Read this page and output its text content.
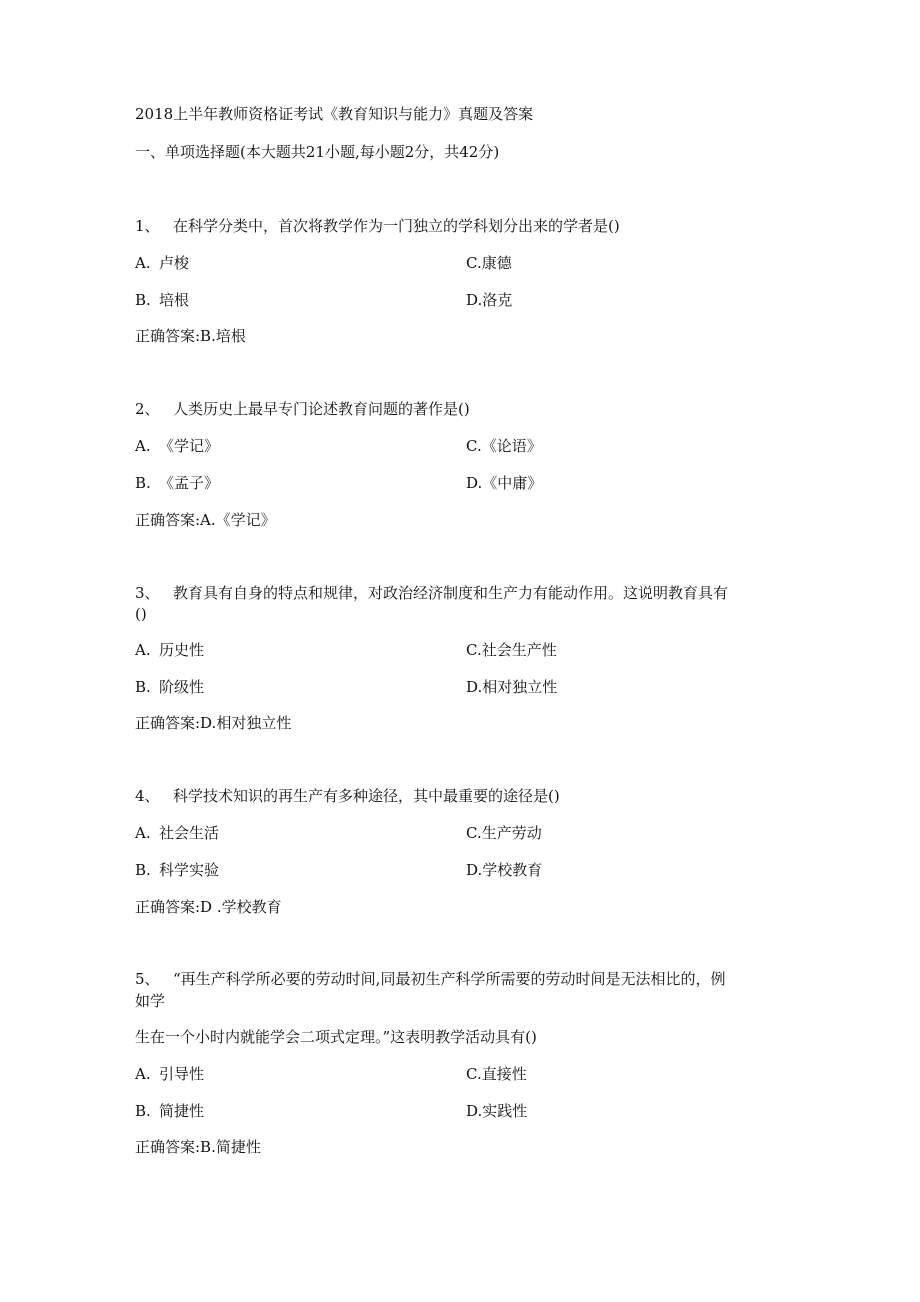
2018上半年教师资格证考试《教育知识与能力》真题及答案
一、单项选择题(本大题共21小题,每小题2分，共42分)
1、 在科学分类中，首次将教学作为一门独立的学科划分出来的学者是()
A. 卢梭	C.康德
B. 培根	D.洛克
正确答案:B.培根
2、 人类历史上最早专门论述教育问题的著作是()
A. 《学记》	C.《论语》
B. 《孟子》	D.《中庸》
正确答案:A.《学记》
3、 教育具有自身的特点和规律，对政治经济制度和生产力有能动作用。这说明教育具有
()
A. 历史性	C.社会生产性
B. 阶级性	D.相对独立性
正确答案:D.相对独立性
4、 科学技术知识的再生产有多种途径，其中最重要的途径是()
A. 社会生活	C.生产劳动
B. 科学实验	D.学校教育
正确答案:D .学校教育
5、 “再生产科学所必要的劳动时间,同最初生产科学所需要的劳动时间是无法相比的，例
如学
生在一个小时内就能学会二项式定理。”这表明教学活动具有()
A. 引导性	C.直接性
B. 简捷性	D.实践性
正确答案:B.简捷性
